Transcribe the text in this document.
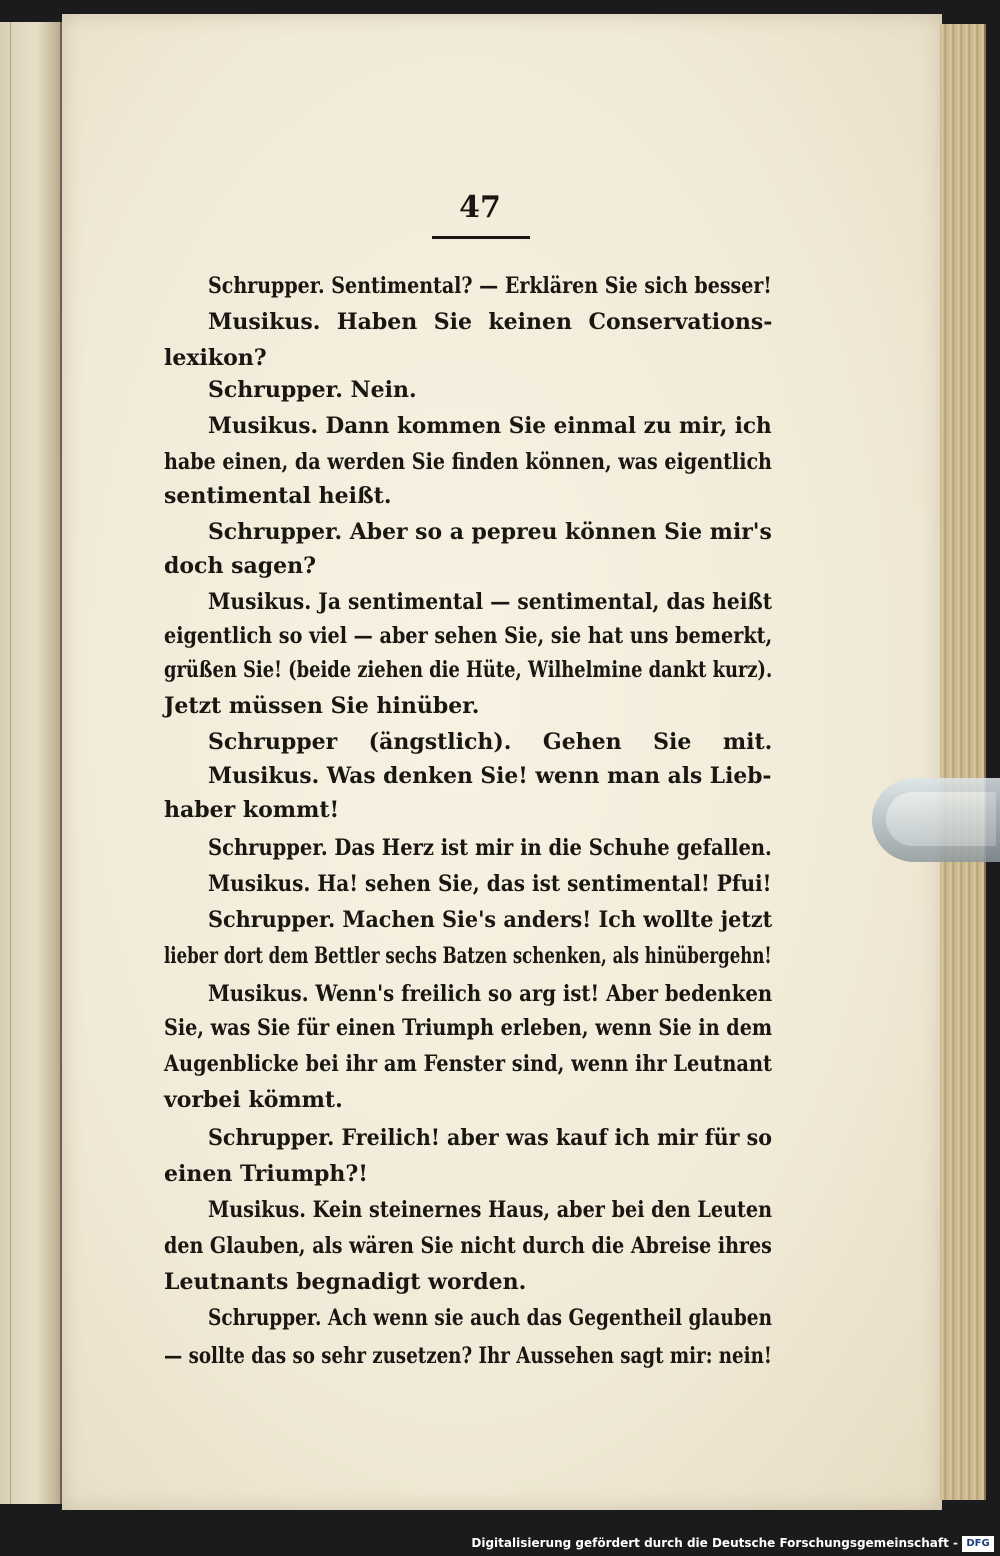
47
Schrupper. Sentimental? — Erklären Sie sich besser!
Musikus. Haben Sie keinen Conservations-
lexikon?
Schrupper. Nein.
Musikus. Dann kommen Sie einmal zu mir, ich
habe einen, da werden Sie finden können, was eigentlich
sentimental heißt.
Schrupper. Aber so a pepreu können Sie mir's
doch sagen?
Musikus. Ja sentimental — sentimental, das heißt
eigentlich so viel — aber sehen Sie, sie hat uns bemerkt,
grüßen Sie! (beide ziehen die Hüte, Wilhelmine dankt kurz).
Jetzt müssen Sie hinüber.
Schrupper (ängstlich). Gehen Sie mit.
Musikus. Was denken Sie! wenn man als Lieb-
haber kommt!
Schrupper. Das Herz ist mir in die Schuhe gefallen.
Musikus. Ha! sehen Sie, das ist sentimental! Pfui!
Schrupper. Machen Sie's anders! Ich wollte jetzt
lieber dort dem Bettler sechs Batzen schenken, als hinübergehn!
Musikus. Wenn's freilich so arg ist! Aber bedenken
Sie, was Sie für einen Triumph erleben, wenn Sie in dem
Augenblicke bei ihr am Fenster sind, wenn ihr Leutnant
vorbei kömmt.
Schrupper. Freilich! aber was kauf ich mir für so
einen Triumph?!
Musikus. Kein steinernes Haus, aber bei den Leuten
den Glauben, als wären Sie nicht durch die Abreise ihres
Leutnants begnadigt worden.
Schrupper. Ach wenn sie auch das Gegentheil glauben
— sollte das so sehr zusetzen? Ihr Aussehen sagt mir: nein!
Digitalisierung gefördert durch die Deutsche Forschungsgemeinschaft - DFG
